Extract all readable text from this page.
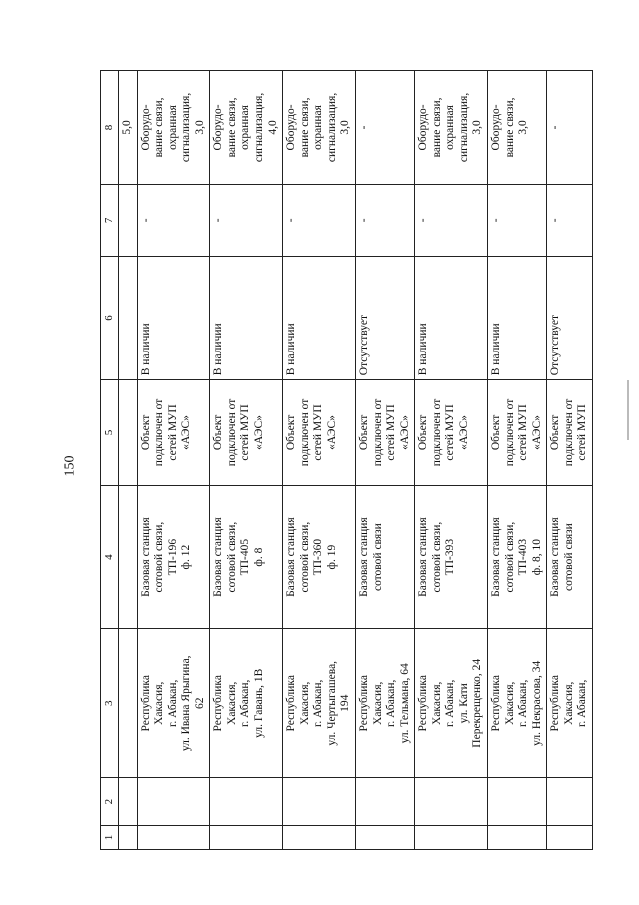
150
1	2	3	4	5	6	7	8
							5,0

		Республика Хакасия, г. Абакан, ул. Ивана Ярыгина, 62	Базовая станция сотовой связи, ТП-196 ф. 12	Объект подключен от сетей МУП «АЭС»	В наличии	-	Оборудо- вание связи, охранная сигнализация, 3,0

		Республика Хакасия, г. Абакан, ул. Гавань, 1В	Базовая станция сотовой связи, ТП-405 ф. 8	Объект подключен от сетей МУП «АЭС»	В наличии	-	Оборудо- вание связи, охранная сигнализация, 4,0

		Республика Хакасия, г. Абакан, ул. Чертыгашева, 194	Базовая станция сотовой связи, ТП-360 ф. 19	Объект подключен от сетей МУП «АЭС»	В наличии	-	Оборудо- вание связи, охранная сигнализация, 3,0

		Республика Хакасия, г. Абакан, ул. Тельмана, 64	Базовая станция сотовой связи	Объект подключен от сетей МУП «АЭС»	Отсутствует	-	-

		Республика Хакасия, г. Абакан, ул. Кати Перекрещенко, 24	Базовая станция сотовой связи, ТП-393	Объект подключен от сетей МУП «АЭС»	В наличии	-	Оборудо- вание связи, охранная сигнализация, 3,0

		Республика Хакасия, г. Абакан, ул. Некрасова, 34	Базовая станция сотовой связи, ТП-403 ф. 8, 10	Объект подключен от сетей МУП «АЭС»	В наличии	-	Оборудо- вание связи, 3,0

		Республика Хакасия, г. Абакан,	Базовая станция сотовой связи	Объект подключен от сетей МУП	Отсутствует	-	-
